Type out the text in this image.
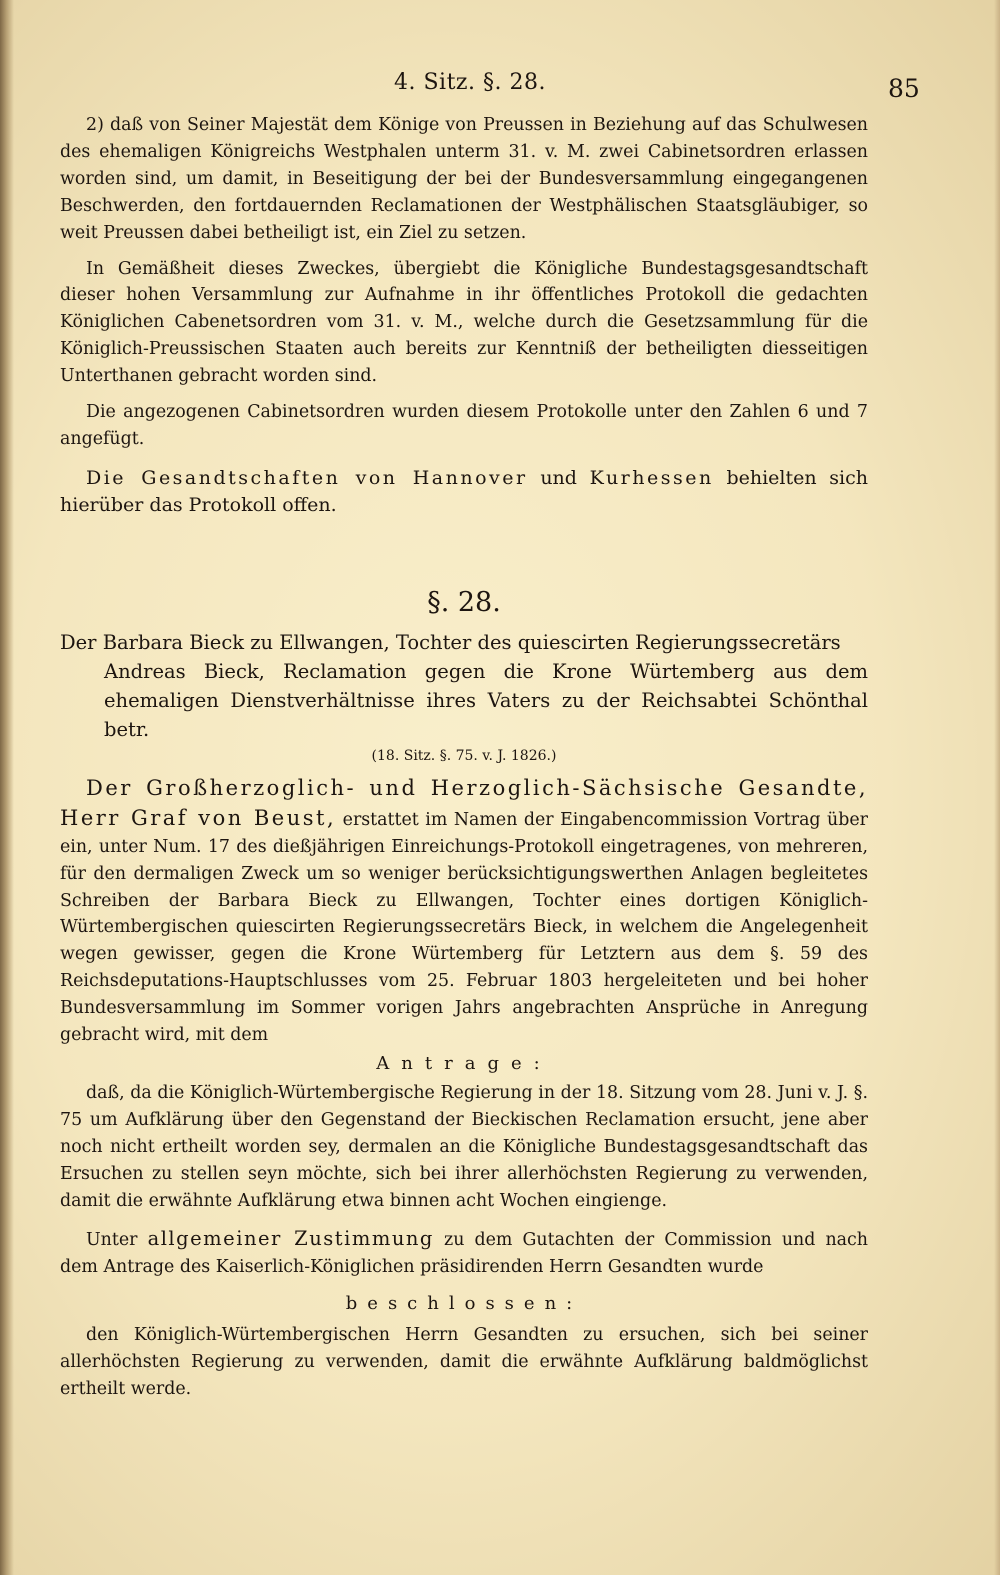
4. Sitz. §. 28.	85

2) daß von Seiner Majestät dem Könige von Preussen in Beziehung auf das Schulwesen des ehemaligen Königreichs Westphalen unterm 31. v. M. zwei Cabinetsordren erlassen worden sind, um damit, in Beseitigung der bei der Bundesversammlung eingegangenen Beschwerden, den fortdauernden Reclamationen der Westphälischen Staatsgläubiger, so weit Preussen dabei betheiligt ist, ein Ziel zu setzen.

In Gemäßheit dieses Zweckes, übergiebt die Königliche Bundestagsgesandtschaft dieser hohen Versammlung zur Aufnahme in ihr öffentliches Protokoll die gedachten Königlichen Cabenetsordren vom 31. v. M., welche durch die Gesetzsammlung für die Königlich-Preussischen Staaten auch bereits zur Kenntniß der betheiligten diesseitigen Unterthanen gebracht worden sind.

Die angezogenen Cabinetsordren wurden diesem Protokolle unter den Zahlen 6 und 7 angefügt.

Die Gesandtschaften von Hannover und Kurhessen behielten sich hierüber das Protokoll offen.

§. 28.

Der Barbara Bieck zu Ellwangen, Tochter des quiescirten Regierungssecretärs

Andreas Bieck, Reclamation gegen die Krone Würtemberg aus dem ehemaligen Dienstverhältnisse ihres Vaters zu der Reichsabtei Schönthal betr.

(18. Sitz. §. 75. v. J. 1826.)

Der Großherzoglich- und Herzoglich-Sächsische Gesandte, Herr Graf von Beust, erstattet im Namen der Eingabencommission Vortrag über ein, unter Num. 17 des dießjährigen Einreichungs-Protokoll eingetragenes, von mehreren, für den dermaligen Zweck um so weniger berücksichtigungswerthen Anlagen begleitetes Schreiben der Barbara Bieck zu Ellwangen, Tochter eines dortigen Königlich-Würtembergischen quiescirten Regierungssecretärs Bieck, in welchem die Angelegenheit wegen gewisser, gegen die Krone Würtemberg für Letztern aus dem §. 59 des Reichsdeputations-Hauptschlusses vom 25. Februar 1803 hergeleiteten und bei hoher Bundesversammlung im Sommer vorigen Jahrs angebrachten Ansprüche in Anregung gebracht wird, mit dem

Antrage:

daß, da die Königlich-Würtembergische Regierung in der 18. Sitzung vom 28. Juni v. J. §. 75 um Aufklärung über den Gegenstand der Bieckischen Reclamation ersucht, jene aber noch nicht ertheilt worden sey, dermalen an die Königliche Bundestagsgesandtschaft das Ersuchen zu stellen seyn möchte, sich bei ihrer allerhöchsten Regierung zu verwenden, damit die erwähnte Aufklärung etwa binnen acht Wochen eingienge.

Unter allgemeiner Zustimmung zu dem Gutachten der Commission und nach dem Antrage des Kaiserlich-Königlichen präsidirenden Herrn Gesandten wurde

beschlossen:

den Königlich-Würtembergischen Herrn Gesandten zu ersuchen, sich bei seiner allerhöchsten Regierung zu verwenden, damit die erwähnte Aufklärung baldmöglichst ertheilt werde.
